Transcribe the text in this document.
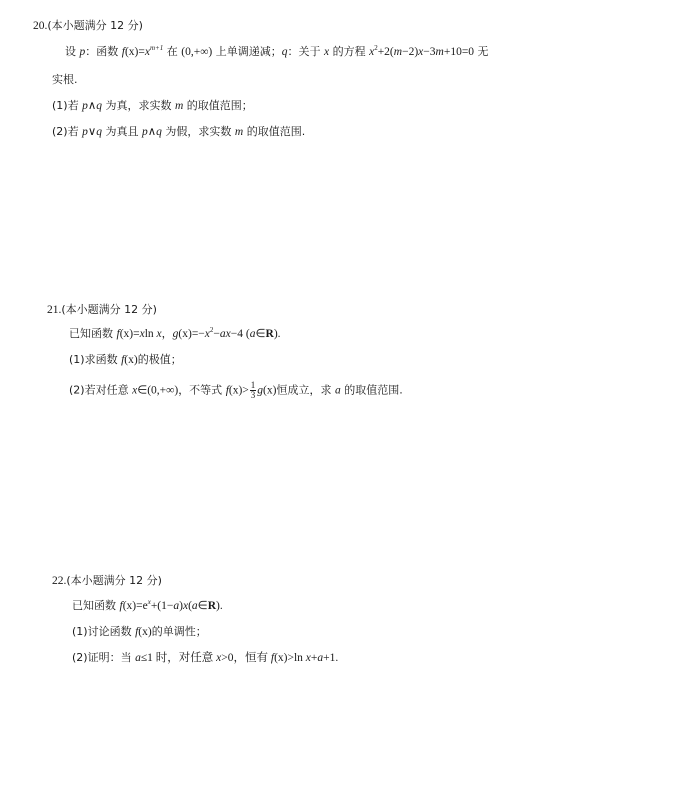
20.(本小题满分 12 分)
设 p：函数 $f(x)=x^{m+1}$ 在 (0,+∞) 上单调递减；q：关于 x 的方程 $x^2+2(m-2)x-3m+10=0$ 无
实根.
(1)若 p∧q 为真，求实数 m 的取值范围；
(2)若 p∨q 为真且 p∧q 为假，求实数 m 的取值范围.
21.(本小题满分 12 分)
已知函数 f(x)=xln x，$g(x)=-x^2-ax-4$ (a∈R).
(1)求函数 f(x)的极值；
(2)若对任意 x∈(0,+∞)，不等式 $f(x)> \frac{1}{3} g(x)$恒成立，求 a 的取值范围.
22.(本小题满分 12 分)
已知函数 $f(x)=e^x+(1-a)x(a\in R)$.
(1)讨论函数 f(x)的单调性；
(2)证明：当 a≤1 时，对任意 x>0，恒有 f(x)>ln x+a+1.
